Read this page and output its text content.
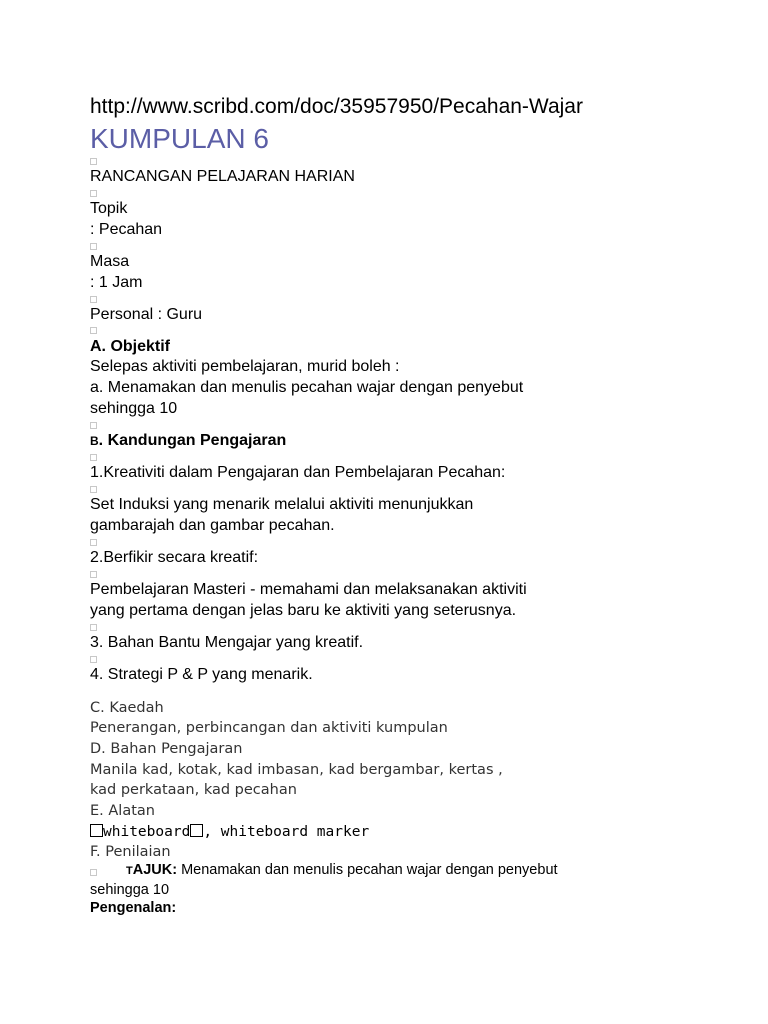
http://www.scribd.com/doc/35957950/Pecahan-Wajar
KUMPULAN 6
RANCANGAN PELAJARAN HARIAN
Topik
: Pecahan
Masa
: 1 Jam
Personal : Guru
A. Objektif
Selepas aktiviti pembelajaran, murid boleh :
a. Menamakan dan menulis pecahan wajar dengan penyebut
sehingga 10
B. Kandungan Pengajaran
1.Kreativiti dalam Pengajaran dan Pembelajaran Pecahan:
Set Induksi yang menarik melalui aktiviti menunjukkan
gambarajah dan gambar pecahan.
2.Berfikir secara kreatif:
Pembelajaran Masteri - memahami dan melaksanakan aktiviti
yang pertama dengan jelas baru ke aktiviti yang seterusnya.
3. Bahan Bantu Mengajar yang kreatif.
4. Strategi P & P yang menarik.
C. Kaedah
Penerangan, perbincangan dan aktiviti kumpulan
D. Bahan Pengajaran
Manila kad, kotak, kad imbasan, kad bergambar, kertas ,
kad perkataan, kad pecahan
E. Alatan
whiteboard , whiteboard marker
F. Penilaian
TAJUK: Menamakan dan menulis pecahan wajar dengan penyebut
sehingga 10
Pengenalan:
